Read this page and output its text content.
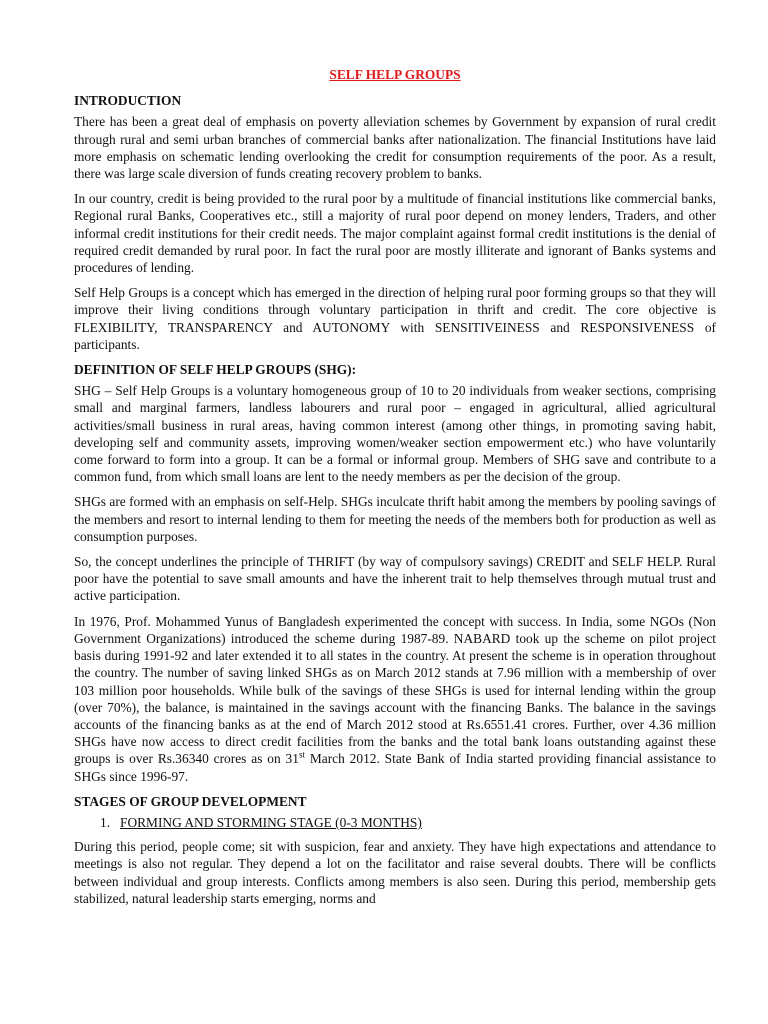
SELF HELP GROUPS
INTRODUCTION

There has been a great deal of emphasis on poverty alleviation schemes by Government by expansion of rural credit through rural and semi urban branches of commercial banks after nationalization. The financial Institutions have laid more emphasis on schematic lending overlooking the credit for consumption requirements of the poor. As a result, there was large scale diversion of funds creating recovery problem to banks.

In our country, credit is being provided to the rural poor by a multitude of financial institutions like commercial banks, Regional rural Banks, Cooperatives etc., still a majority of rural poor depend on money lenders, Traders, and other informal credit institutions for their credit needs. The major complaint against formal credit institutions is the denial of required credit demanded by rural poor. In fact the rural poor are mostly illiterate and ignorant of Banks systems and procedures of lending.

Self Help Groups is a concept which has emerged in the direction of helping rural poor forming groups so that they will improve their living conditions through voluntary participation in thrift and credit. The core objective is FLEXIBILITY, TRANSPARENCY and AUTONOMY with SENSITIVEINESS and RESPONSIVENESS of participants.

DEFINITION OF SELF HELP GROUPS (SHG):

SHG – Self Help Groups is a voluntary homogeneous group of 10 to 20 individuals from weaker sections, comprising small and marginal farmers, landless labourers and rural poor – engaged in agricultural, allied agricultural activities/small business in rural areas, having common interest (among other things, in promoting saving habit, developing self and community assets, improving women/weaker section empowerment etc.) who have voluntarily come forward to form into a group. It can be a formal or informal group. Members of SHG save and contribute to a common fund, from which small loans are lent to the needy members as per the decision of the group.

SHGs are formed with an emphasis on self-Help. SHGs inculcate thrift habit among the members by pooling savings of the members and resort to internal lending to them for meeting the needs of the members both for production as well as consumption purposes.

So, the concept underlines the principle of THRIFT (by way of compulsory savings) CREDIT and SELF HELP. Rural poor have the potential to save small amounts and have the inherent trait to help themselves through mutual trust and active participation.

In 1976, Prof. Mohammed Yunus of Bangladesh experimented the concept with success. In India, some NGOs (Non Government Organizations) introduced the scheme during 1987-89. NABARD took up the scheme on pilot project basis during 1991-92 and later extended it to all states in the country. At present the scheme is in operation throughout the country. The number of saving linked SHGs as on March 2012 stands at 7.96 million with a membership of over 103 million poor households. While bulk of the savings of these SHGs is used for internal lending within the group (over 70%), the balance, is maintained in the savings account with the financing Banks. The balance in the savings accounts of the financing banks as at the end of March 2012 stood at Rs.6551.41 crores. Further, over 4.36 million SHGs have now access to direct credit facilities from the banks and the total bank loans outstanding against these groups is over Rs.36340 crores as on 31st March 2012. State Bank of India started providing financial assistance to SHGs since 1996-97.

STAGES OF GROUP DEVELOPMENT
1. FORMING AND STORMING STAGE (0-3 MONTHS)

During this period, people come; sit with suspicion, fear and anxiety. They have high expectations and attendance to meetings is also not regular. They depend a lot on the facilitator and raise several doubts. There will be conflicts between individual and group interests. Conflicts among members is also seen. During this period, membership gets stabilized, natural leadership starts emerging, norms and
